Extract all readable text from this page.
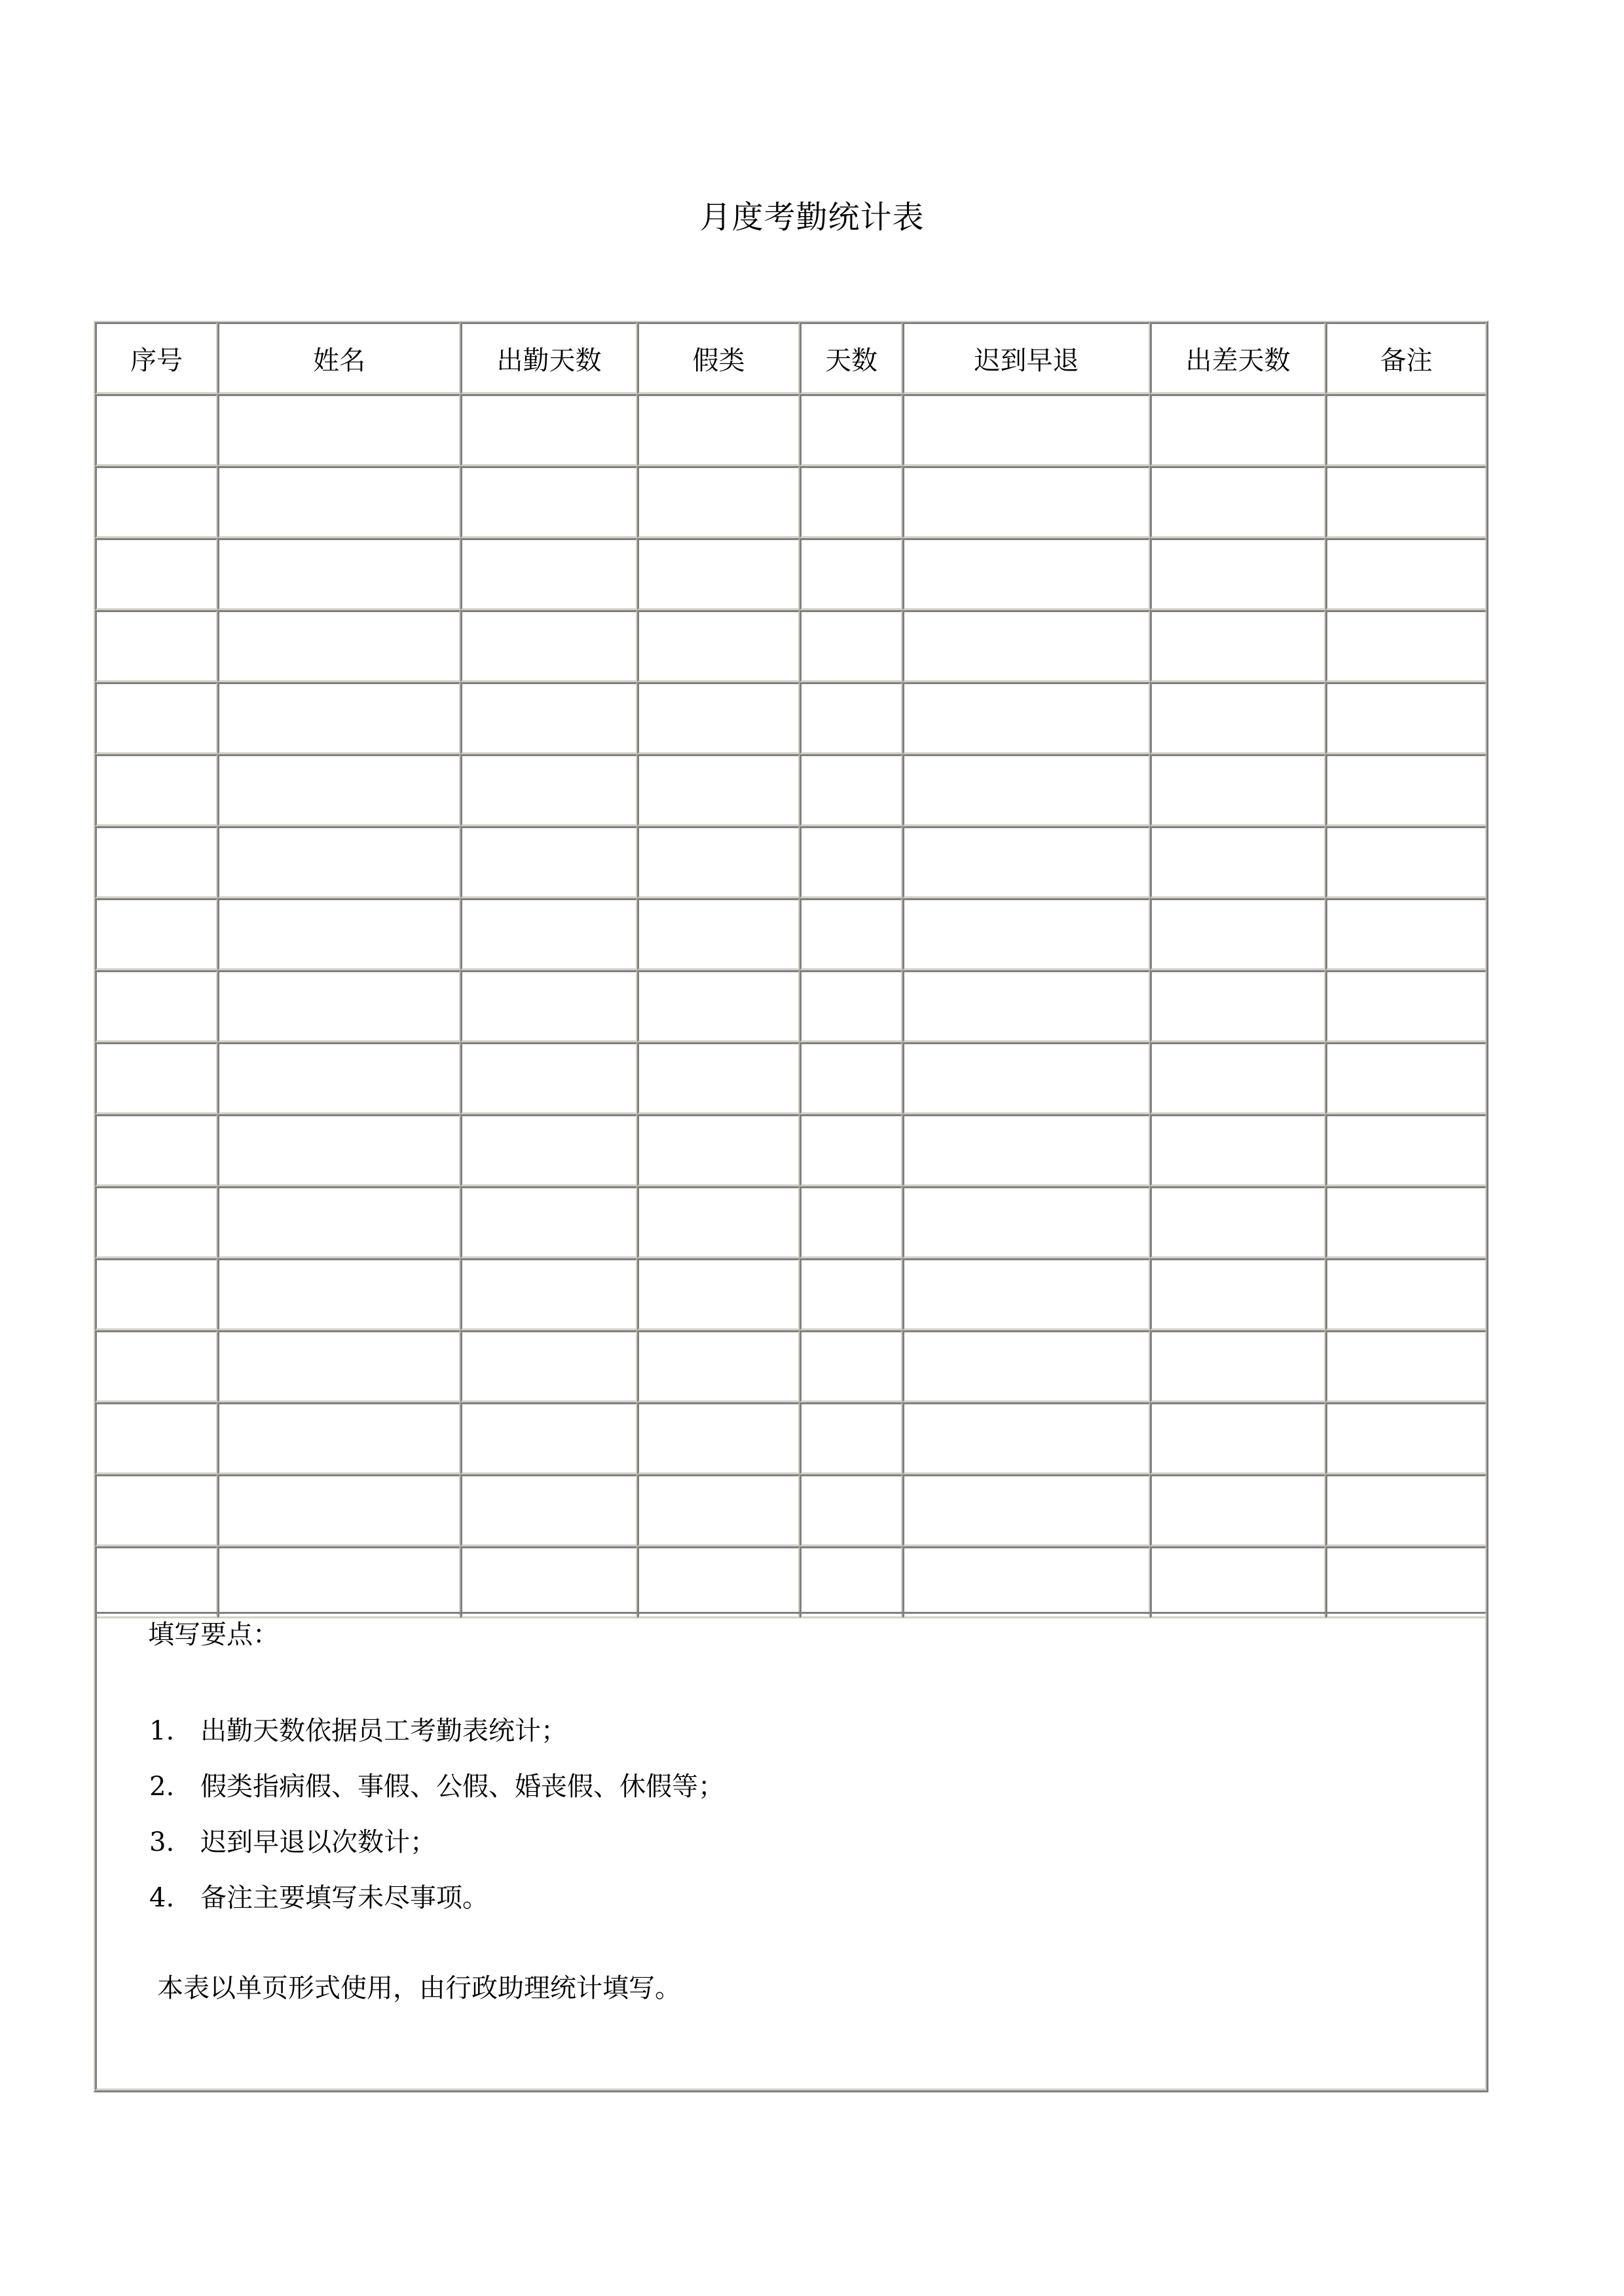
月度考勤统计表
序号	姓名	出勤天数	假类	天数	迟到早退	出差天数	备注

填写要点：
1. 出勤天数依据员工考勤表统计；
2. 假类指病假、事假、公假、婚丧假、休假等；
3. 迟到早退以次数计；
4. 备注主要填写未尽事项。
本表以单页形式使用，由行政助理统计填写。
